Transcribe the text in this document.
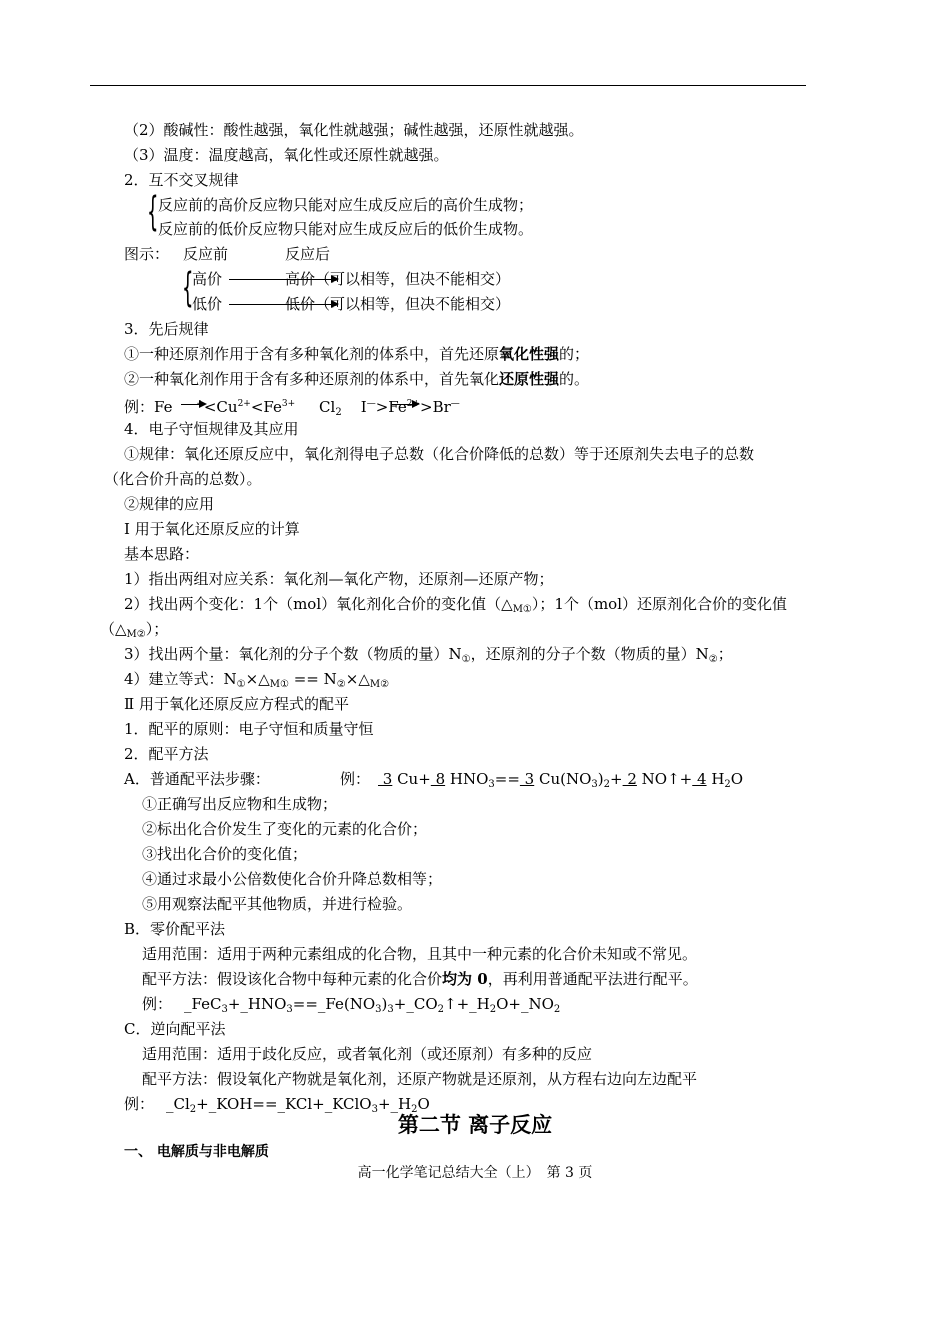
（2）酸碱性：酸性越强，氧化性就越强；碱性越强，还原性就越强。
（3）温度：温度越高，氧化性或还原性就越强。
2．互不交叉规律
{ 反应前的高价反应物只能对应生成反应后的高价生成物；
反应前的低价反应物只能对应生成反应后的低价生成物。
图示： 反应前	反应后
{
高价	高价（可以相等，但决不能相交）
低价	低价（可以相等，但决不能相交）
3．先后规律
①一种还原剂作用于含有多种氧化剂的体系中，首先还原氧化性强的；
②一种氧化剂作用于含有多种还原剂的体系中，首先氧化还原性强的。
例：Fe     $^+<Cu^{2+}<Fe^{3+}$     $Cl_2$    $I^—>Fe^{2+}>Br^—$
4．电子守恒规律及其应用
①规律：氧化还原反应中，氧化剂得电子总数（化合价降低的总数）等于还原剂失去电子的总数
（化合价升高的总数）。
②规律的应用
Ⅰ 用于氧化还原反应的计算
基本思路：
1）指出两组对应关系：氧化剂—氧化产物，还原剂—还原产物；
2）找出两个变化：1个（mol）氧化剂化合价的变化值$(\triangle_{M①})$；1个（mol）还原剂化合价的变化值
$(\triangle_{M②})$；
3）找出两个量：氧化剂的分子个数（物质的量）$N_①$，还原剂的分子个数（物质的量）$N_②$；
4）建立等式：$N_①\times\triangle_{M①}$ == $N_②\times\triangle_{M②}$
Ⅱ 用于氧化还原反应方程式的配平
1．配平的原则：电子守恒和质量守恒
2．配平方法
A．普通配平法步骤：	例： 3 Cu+ 8 $HNO_3== 3$ $Cu(NO_3)_2+ 2$ NO↑+ 4 $H_2O$
①正确写出反应物和生成物；
②标出化合价发生了变化的元素的化合价；
③找出化合价的变化值；
④通过求最小公倍数使化合价升降总数相等；
⑤用观察法配平其他物质，并进行检验。
B．零价配平法
适用范围：适用于两种元素组成的化合物，且其中一种元素的化合价未知或不常见。
配平方法：假设该化合物中每种元素的化合价均为 0，再利用普通配平法进行配平。
例： $\_FeC_3+\_HNO_3==\_Fe(NO_3)_3+\_CO_2↑+\_H_2O+\_NO_2$
C．逆向配平法
适用范围：适用于歧化反应，或者氧化剂（或还原剂）有多种的反应
配平方法：假设氧化产物就是氧化剂，还原产物就是还原剂，从方程右边向左边配平
例： $\_Cl_2+\_KOH==\_KCl+\_KClO_3+\_H_2O$
第二节 离子反应
一、 电解质与非电解质
高一化学笔记总结大全（上）　第 3 页
